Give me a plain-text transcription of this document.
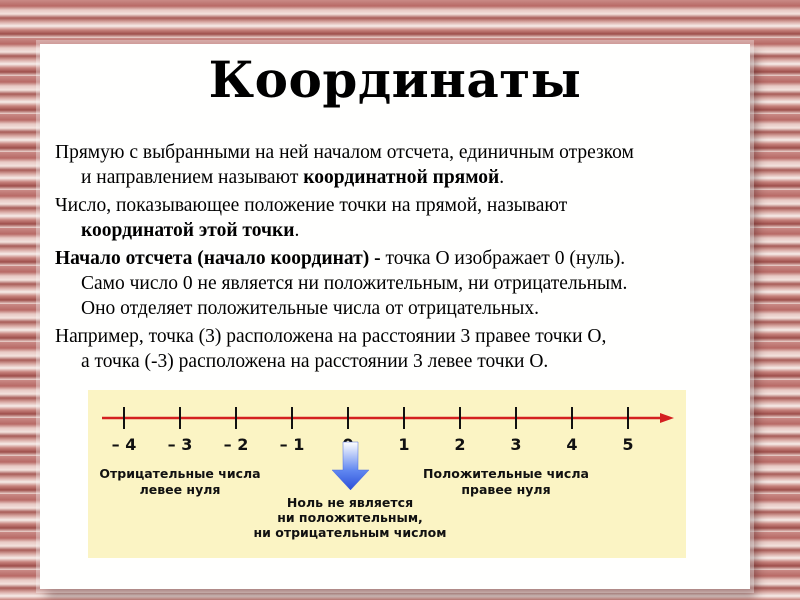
Координаты
Прямую с выбранными на ней началом отсчета, единичным отрезком
и направлением называют координатной прямой.
Число, показывающее положение точки на прямой, называют
координатой этой точки.
Начало отсчета (начало координат) - точка О изображает 0 (нуль).
Само число 0 не является ни положительным, ни отрицательным.
Оно отделяет положительные числа от отрицательных.
Например, точка (3) расположена на расстоянии 3 правее точки О,
а точка (-3) расположена на расстоянии 3 левее точки О.
– 4 – 3 – 2 – 1	1	2	3	4	5
Отрицательные числа
левее нуля
Положительные числа
правее нуля
Ноль не является
ни положительным,
ни отрицательным числом
